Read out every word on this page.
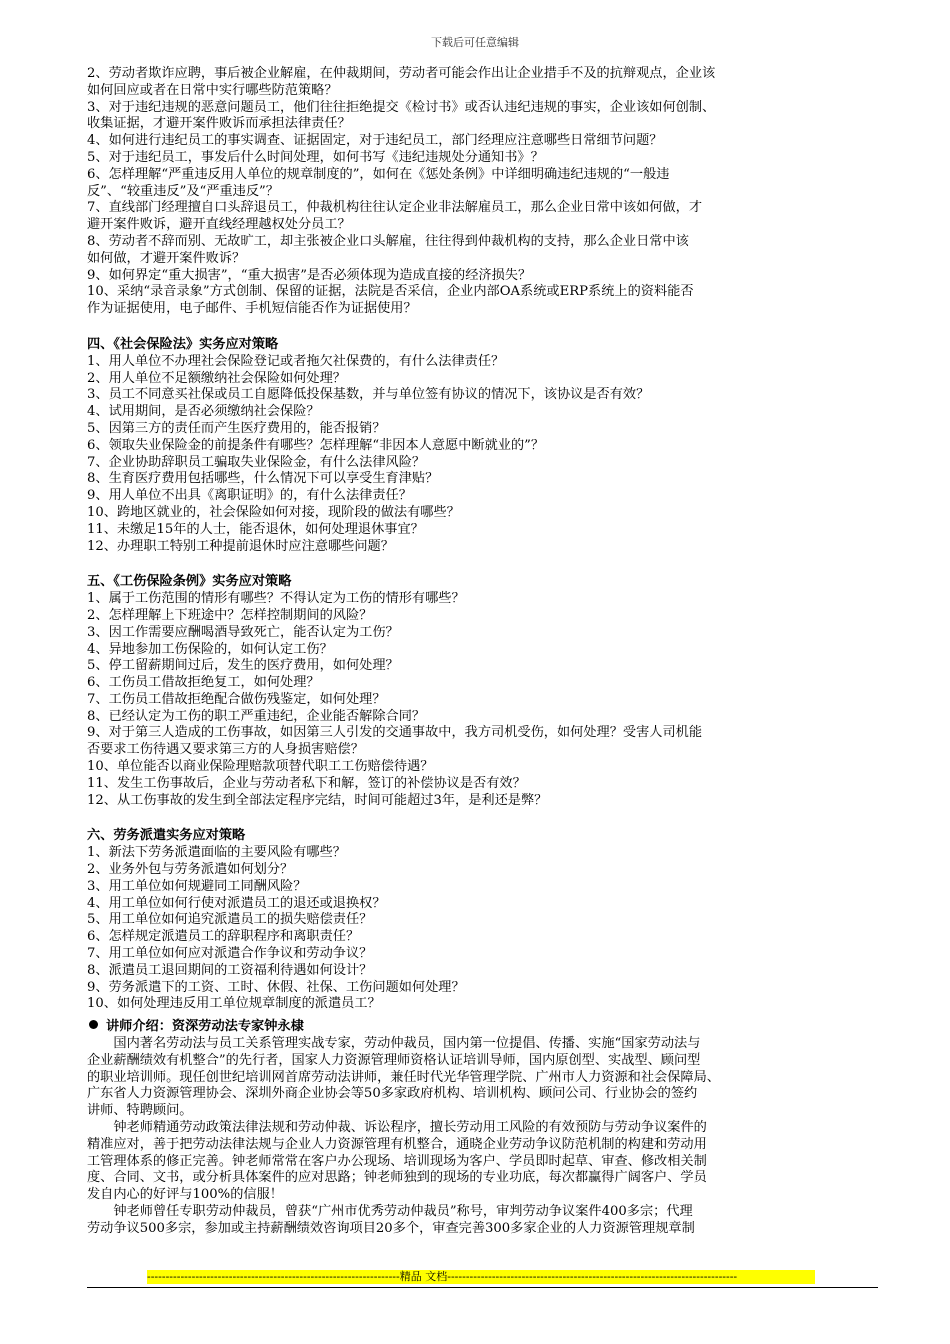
下载后可任意编辑
2、劳动者欺诈应聘，事后被企业解雇，在仲裁期间，劳动者可能会作出让企业措手不及的抗辩观点，企业该
如何回应或者在日常中实行哪些防范策略？
3、对于违纪违规的恶意问题员工，他们往往拒绝提交《检讨书》或否认违纪违规的事实，企业该如何创制、
收集证据，才避开案件败诉而承担法律责任？
4、如何进行违纪员工的事实调查、证据固定，对于违纪员工，部门经理应注意哪些日常细节问题？
5、对于违纪员工，事发后什么时间处理，如何书写《违纪违规处分通知书》？
6、怎样理解“严重违反用人单位的规章制度的”，如何在《惩处条例》中详细明确违纪违规的“一般违
反”、“较重违反”及“严重违反”？
7、直线部门经理擅自口头辞退员工，仲裁机构往往认定企业非法解雇员工，那么企业日常中该如何做，才
避开案件败诉，避开直线经理越权处分员工？
8、劳动者不辞而别、无故旷工，却主张被企业口头解雇，往往得到仲裁机构的支持，那么企业日常中该
如何做，才避开案件败诉？
9、如何界定“重大损害”，“重大损害”是否必须体现为造成直接的经济损失？
10、采纳“录音录象”方式创制、保留的证据，法院是否采信，企业内部OA系统或ERP系统上的资料能否
作为证据使用，电子邮件、手机短信能否作为证据使用？
四、《社会保险法》实务应对策略
1、用人单位不办理社会保险登记或者拖欠社保费的，有什么法律责任？
2、用人单位不足额缴纳社会保险如何处理？
3、员工不同意买社保或员工自愿降低投保基数，并与单位签有协议的情况下，该协议是否有效？
4、试用期间，是否必须缴纳社会保险？
5、因第三方的责任而产生医疗费用的，能否报销？
6、领取失业保险金的前提条件有哪些？怎样理解“非因本人意愿中断就业的”？
7、企业协助辞职员工骗取失业保险金，有什么法律风险？
8、生育医疗费用包括哪些，什么情况下可以享受生育津贴？
9、用人单位不出具《离职证明》的，有什么法律责任？
10、跨地区就业的，社会保险如何对接，现阶段的做法有哪些？
11、未缴足15年的人士，能否退休，如何处理退休事宜？
12、办理职工特别工种提前退休时应注意哪些问题？
五、《工伤保险条例》实务应对策略
1、属于工伤范围的情形有哪些？不得认定为工伤的情形有哪些？
2、怎样理解上下班途中？怎样控制期间的风险？
3、因工作需要应酬喝酒导致死亡，能否认定为工伤？
4、异地参加工伤保险的，如何认定工伤？
5、停工留薪期间过后，发生的医疗费用，如何处理？
6、工伤员工借故拒绝复工，如何处理？
7、工伤员工借故拒绝配合做伤残鉴定，如何处理？
8、已经认定为工伤的职工严重违纪，企业能否解除合同？
9、对于第三人造成的工伤事故，如因第三人引发的交通事故中，我方司机受伤，如何处理？受害人司机能
否要求工伤待遇又要求第三方的人身损害赔偿？
10、单位能否以商业保险理赔款项替代职工工伤赔偿待遇？
11、发生工伤事故后，企业与劳动者私下和解，签订的补偿协议是否有效？
12、从工伤事故的发生到全部法定程序完结，时间可能超过3年，是利还是弊？
六、劳务派遣实务应对策略
1、新法下劳务派遣面临的主要风险有哪些？
2、业务外包与劳务派遣如何划分？
3、用工单位如何规避同工同酬风险？
4、用工单位如何行使对派遣员工的退还或退换权？
5、用工单位如何追究派遣员工的损失赔偿责任？
6、怎样规定派遣员工的辞职程序和离职责任？
7、用工单位如何应对派遣合作争议和劳动争议？
8、派遣员工退回期间的工资福利待遇如何设计？
9、劳务派遣下的工资、工时、休假、社保、工伤问题如何处理？
10、如何处理违反用工单位规章制度的派遣员工？
讲师介绍：资深劳动法专家钟永棣
国内著名劳动法与员工关系管理实战专家，劳动仲裁员，国内第一位提倡、传播、实施“国家劳动法与
企业薪酬绩效有机整合”的先行者，国家人力资源管理师资格认证培训导师，国内原创型、实战型、顾问型
的职业培训师。现任创世纪培训网首席劳动法讲师，兼任时代光华管理学院、广州市人力资源和社会保障局、
广东省人力资源管理协会、深圳外商企业协会等50多家政府机构、培训机构、顾问公司、行业协会的签约
讲师、特聘顾问。
钟老师精通劳动政策法律法规和劳动仲裁、诉讼程序，擅长劳动用工风险的有效预防与劳动争议案件的
精准应对，善于把劳动法律法规与企业人力资源管理有机整合，通晓企业劳动争议防范机制的构建和劳动用
工管理体系的修正完善。钟老师常常在客户办公现场、培训现场为客户、学员即时起草、审查、修改相关制
度、合同、文书，或分析具体案件的应对思路；钟老师独到的现场的专业功底，每次都赢得广阔客户、学员
发自内心的好评与100%的信服！
钟老师曾任专职劳动仲裁员，曾获“广州市优秀劳动仲裁员”称号，审判劳动争议案件400多宗；代理
劳动争议500多宗，参加或主持薪酬绩效咨询项目20多个，审查完善300多家企业的人力资源管理规章制
--------------------------------------------------------------------精品 文档------------------------------------------------------------------------------
